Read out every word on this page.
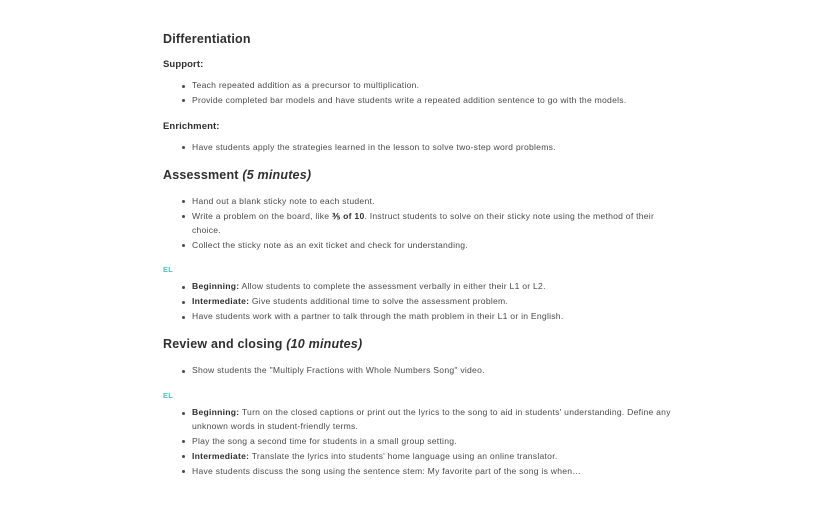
Differentiation
Support:
Teach repeated addition as a precursor to multiplication.
Provide completed bar models and have students write a repeated addition sentence to go with the models.
Enrichment:
Have students apply the strategies learned in the lesson to solve two-step word problems.
Assessment (5 minutes)
Hand out a blank sticky note to each student.
Write a problem on the board, like ⅗ of 10. Instruct students to solve on their sticky note using the method of their choice.
Collect the sticky note as an exit ticket and check for understanding.
EL
Beginning: Allow students to complete the assessment verbally in either their L1 or L2.
Intermediate: Give students additional time to solve the assessment problem.
Have students work with a partner to talk through the math problem in their L1 or in English.
Review and closing (10 minutes)
Show students the "Multiply Fractions with Whole Numbers Song" video.
EL
Beginning: Turn on the closed captions or print out the lyrics to the song to aid in students' understanding. Define any unknown words in student-friendly terms.
Play the song a second time for students in a small group setting.
Intermediate: Translate the lyrics into students' home language using an online translator.
Have students discuss the song using the sentence stem: My favorite part of the song is when…
